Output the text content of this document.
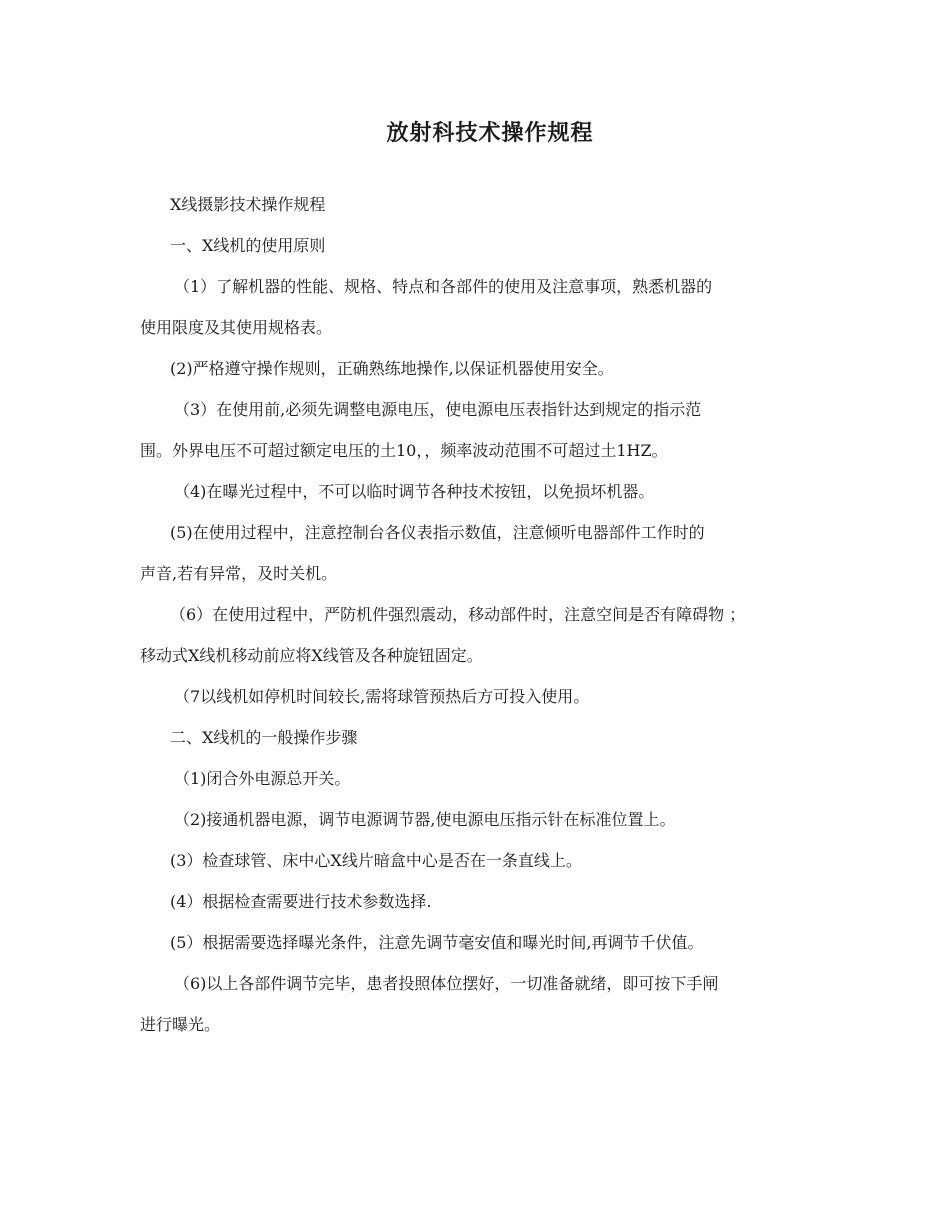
放射科技术操作规程

X线摄影技术操作规程

一、X线机的使用原则

（1）了解机器的性能、规格、特点和各部件的使用及注意事项，熟悉机器的

使用限度及其使用规格表。

(2)严格遵守操作规则，正确熟练地操作,以保证机器使用安全。

（3）在使用前,必须先调整电源电压，使电源电压表指针达到规定的指示范

围。外界电压不可超过额定电压的土10，，频率波动范围不可超过土1HZ。

（4)在曝光过程中，不可以临时调节各种技术按钮，以免损坏机器。

(5)在使用过程中，注意控制台各仪表指示数值，注意倾听电器部件工作时的

声音,若有异常，及时关机。

（6）在使用过程中，严防机件强烈震动，移动部件时，注意空间是否有障碍物 ；

移动式X线机移动前应将X线管及各种旋钮固定。

（7以线机如停机时间较长,需将球管预热后方可投入使用。

二、X线机的一般操作步骤

（1)闭合外电源总开关。

（2)接通机器电源，调节电源调节器,使电源电压指示针在标准位置上。

(3）检查球管、床中心X线片暗盒中心是否在一条直线上。

(4）根据检查需要进行技术参数选择.

(5）根据需要选择曝光条件，注意先调节毫安值和曝光时间,再调节千伏值。

（6)以上各部件调节完毕，患者投照体位摆好，一切准备就绪，即可按下手闸

进行曝光。
